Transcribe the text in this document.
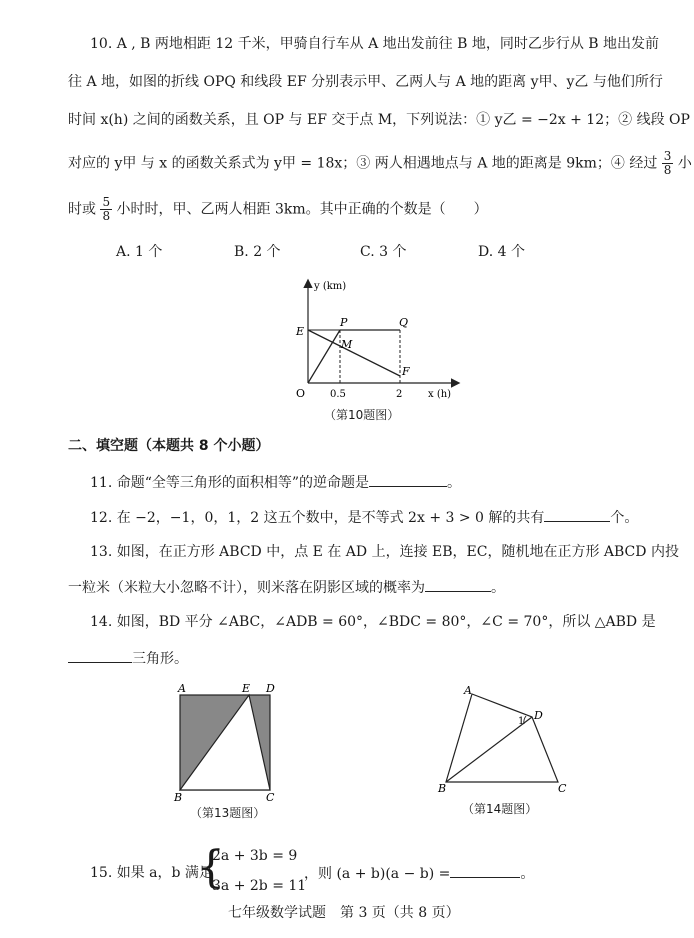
10. A , B 两地相距 12 千米，甲骑自行车从 A 地出发前往 B 地，同时乙步行从 B 地出发前
往 A 地，如图的折线 OPQ 和线段 EF 分别表示甲、乙两人与 A 地的距离 y甲、y乙 与他们所行
时间 x(h) 之间的函数关系，且 OP 与 EF 交于点 M，下列说法：① y乙 = −2x + 12；② 线段 OP
对应的 y甲 与 x 的函数关系式为 y甲 = 18x；③ 两人相遇地点与 A 地的距离是 9km；④ 经过 $\frac{3}{8}$ 小
时或 $\frac{5}{8}$ 小时时，甲、乙两人相距 3km。其中正确的个数是（　　）
A. 1 个	B. 2 个	C. 3 个	D. 4 个
y (km)
x (h)
O 0.5	2
E
P	Q
M
F
（第10题图）
二、填空题（本题共 8 个小题）
11. 命题“全等三角形的面积相等”的逆命题是	。
12. 在 −2，−1，0，1，2 这五个数中，是不等式 2x + 3 > 0 解的共有	个。
13. 如图，在正方形 ABCD 中，点 E 在 AD 上，连接 EB，EC，随机地在正方形 ABCD 内投
一粒米（米粒大小忽略不计），则米落在阴影区域的概率为	。
14. 如图，BD 平分 ∠ABC，∠ADB = 60°，∠BDC = 80°，∠C = 70°，所以 △ABD 是
三角形。
A	E D
B	C
（第13题图）
A
D
1
B	C
（第14题图）
15. 如果 a，b 满足
{
2a + 3b = 9
3a + 2b = 11
，则 (a + b)(a − b) =	。
七年级数学试题　第 3 页（共 8 页）
